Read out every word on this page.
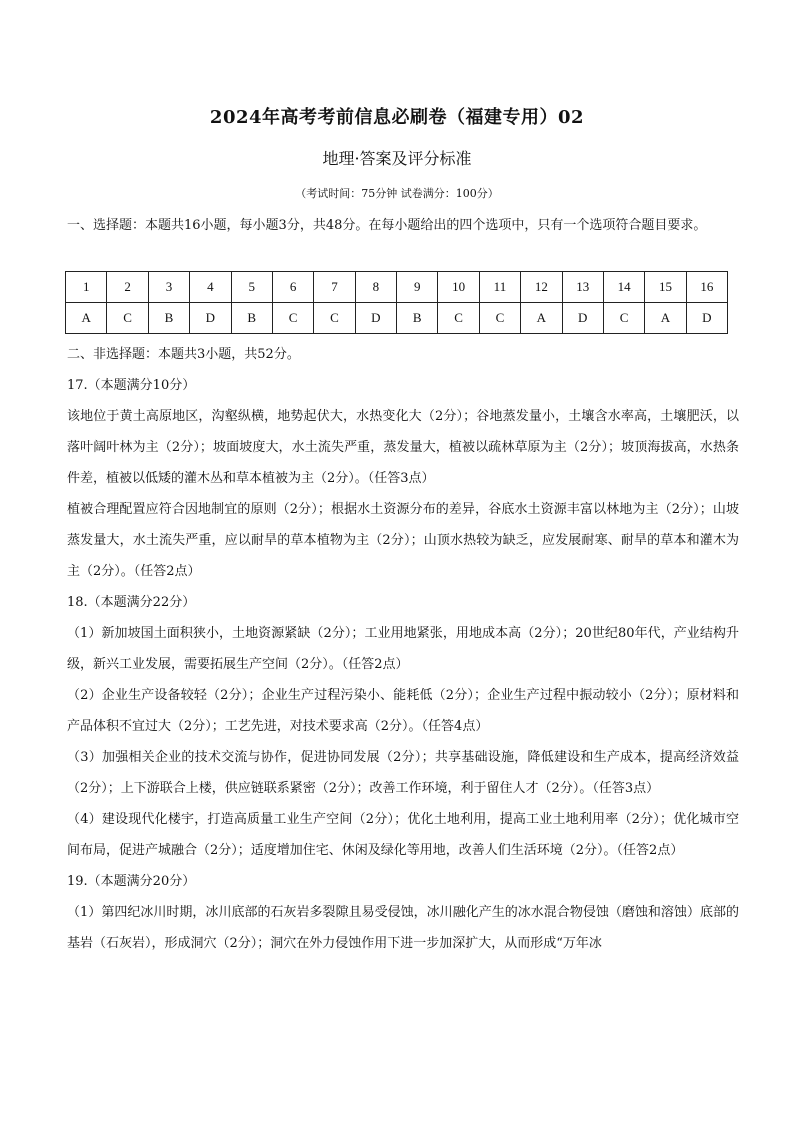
2024年高考考前信息必刷卷（福建专用）02
地理·答案及评分标准
（考试时间：75分钟 试卷满分：100分）
一、选择题：本题共16小题，每小题3分，共48分。在每小题给出的四个选项中，只有一个选项符合题目要求。
1	2	3	4	5	6	7	8	9	10	11	12	13	14	15	16
A	C	B	D	B	C	C	D	B	C	C	A	D	C	A	D
二、非选择题：本题共3小题，共52分。
17.（本题满分10分）
该地位于黄土高原地区，沟壑纵横，地势起伏大，水热变化大（2分）；谷地蒸发量小，土壤含水率高，土壤肥沃，以落叶阔叶林为主（2分）；坡面坡度大，水土流失严重，蒸发量大，植被以疏林草原为主（2分）；坡顶海拔高，水热条件差，植被以低矮的灌木丛和草本植被为主（2分）。（任答3点）
植被合理配置应符合因地制宜的原则（2分）；根据水土资源分布的差异，谷底水土资源丰富以林地为主（2分）；山坡蒸发量大，水土流失严重，应以耐旱的草本植物为主（2分）；山顶水热较为缺乏，应发展耐寒、耐旱的草本和灌木为主（2分）。（任答2点）
18.（本题满分22分）
（1）新加坡国土面积狭小，土地资源紧缺（2分）；工业用地紧张，用地成本高（2分）；20世纪80年代，产业结构升级，新兴工业发展，需要拓展生产空间（2分）。（任答2点）
（2）企业生产设备较轻（2分）；企业生产过程污染小、能耗低（2分）；企业生产过程中振动较小（2分）；原材料和产品体积不宜过大（2分）；工艺先进，对技术要求高（2分）。（任答4点）
（3）加强相关企业的技术交流与协作，促进协同发展（2分）；共享基础设施，降低建设和生产成本，提高经济效益（2分）；上下游联合上楼，供应链联系紧密（2分）；改善工作环境，利于留住人才（2分）。（任答3点）
（4）建设现代化楼宇，打造高质量工业生产空间（2分）；优化土地利用，提高工业土地利用率（2分）；优化城市空间布局，促进产城融合（2分）；适度增加住宅、休闲及绿化等用地，改善人们生活环境（2分）。（任答2点）
19.（本题满分20分）
（1）第四纪冰川时期，冰川底部的石灰岩多裂隙且易受侵蚀，冰川融化产生的冰水混合物侵蚀（磨蚀和溶蚀）底部的基岩（石灰岩），形成洞穴（2分）；洞穴在外力侵蚀作用下进一步加深扩大，从而形成“万年冰
